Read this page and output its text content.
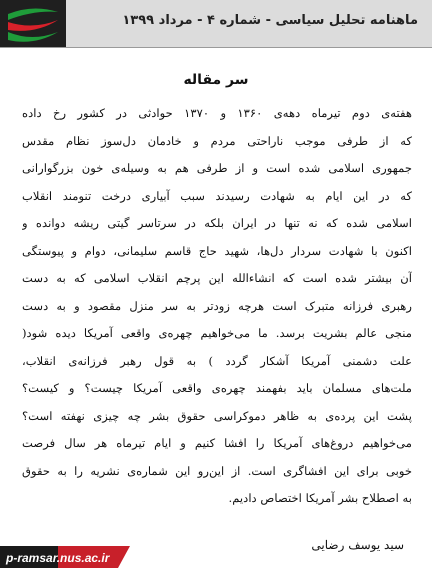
ماهنامه تحلیل سیاسی - شماره ۴ - مرداد ۱۳۹۹
سر مقاله
هفته‌ی دوم تیرماه دهه‌ی ۱۳۶۰ و ۱۳۷۰ حوادثی در کشور رخ داده
که از طرفی موجب ناراحتی مردم و خادمان دل‌سوز نظام مقدس
جمهوری اسلامی شده است و از طرفی هم به وسیله‌ی خون بزرگوارانی
که در این ایام به شهادت رسیدند سبب آبیاری درخت تنومند انقلاب
اسلامی شده که نه تنها در ایران بلکه در سرتاسر گیتی ریشه دوانده و
اکنون با شهادت سردار دل‌ها، شهید حاج قاسم سلیمانی، دوام و پیوستگی
آن بیشتر شده است که انشاءالله این پرچم انقلاب اسلامی که به دست
رهبری فرزانه متبرک است هرچه زودتر به سر منزل مقصود و به دست
منجی عالم بشریت برسد. ما می‌خواهیم چهره‌ی واقعی آمریکا دیده شود(
علت دشمنی آمریکا آشکار گردد ) به قول رهبر فرزانه‌ی انقلاب،
ملت‌های مسلمان باید بفهمند چهره‌ی واقعی آمریکا چیست؟ و کیست؟
پشت این پرده‌ی به ظاهر دموکراسی حقوق بشر چه چیزی نهفته است؟
می‌خواهیم دروغ‌های آمریکا را افشا کنیم و ایام تیرماه هر سال فرصت
خوبی برای این افشاگری است. از این‌رو این شماره‌ی نشریه را به حقوق
به اصطلاح بشر آمریکا اختصاص دادیم.
سید یوسف رضایی
p-ramsar.nus.ac.ir
